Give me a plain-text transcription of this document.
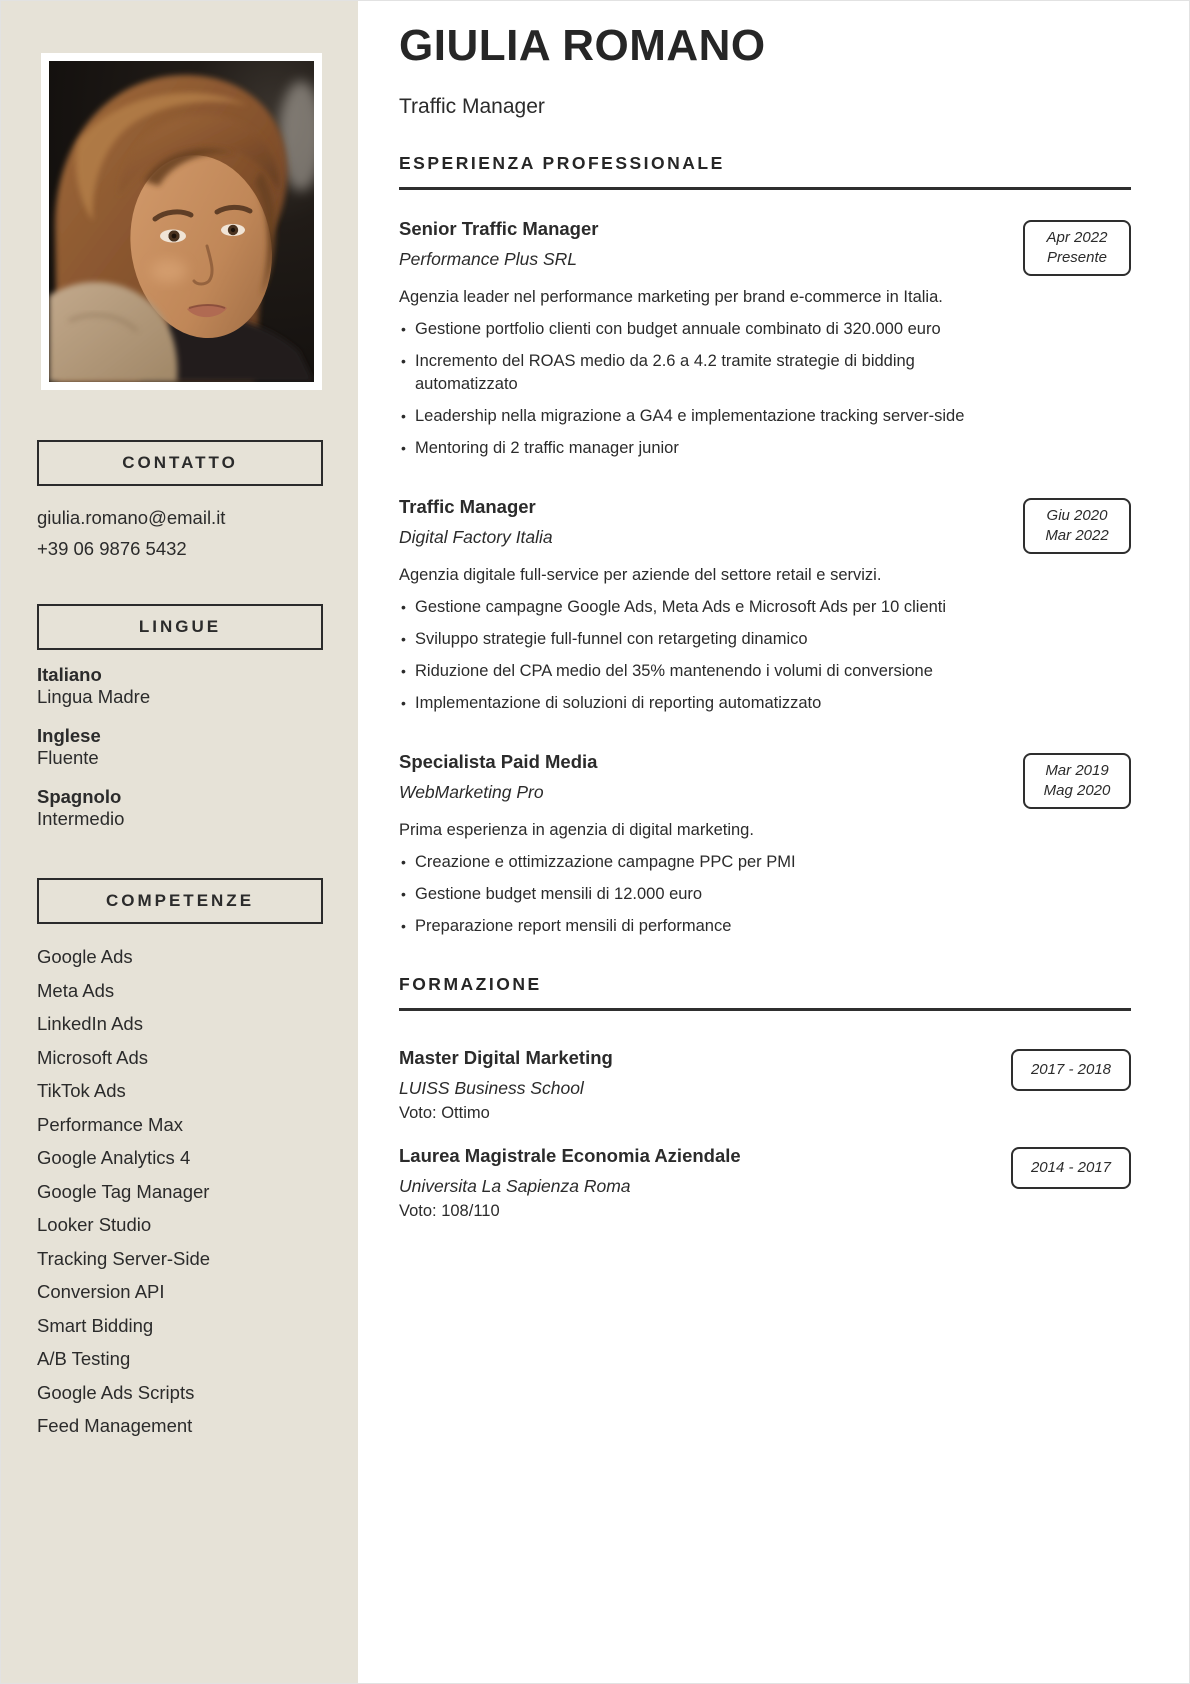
CONTATTO
giulia.romano@email.it
+39 06 9876 5432
LINGUE
Italiano
Lingua Madre
Inglese
Fluente
Spagnolo
Intermedio
COMPETENZE
Google Ads
Meta Ads
LinkedIn Ads
Microsoft Ads
TikTok Ads
Performance Max
Google Analytics 4
Google Tag Manager
Looker Studio
Tracking Server-Side
Conversion API
Smart Bidding
A/B Testing
Google Ads Scripts
Feed Management
GIULIA ROMANO
Traffic Manager
ESPERIENZA PROFESSIONALE
Senior Traffic Manager
Performance Plus SRL
Apr 2022
Presente

Agenzia leader nel performance marketing per brand e-commerce in Italia.

• Gestione portfolio clienti con budget annuale combinato di 320.000 euro
• Incremento del ROAS medio da 2.6 a 4.2 tramite strategie di bidding automatizzato
• Leadership nella migrazione a GA4 e implementazione tracking server-side
• Mentoring di 2 traffic manager junior
Traffic Manager
Digital Factory Italia
Giu 2020
Mar 2022

Agenzia digitale full-service per aziende del settore retail e servizi.

• Gestione campagne Google Ads, Meta Ads e Microsoft Ads per 10 clienti
• Sviluppo strategie full-funnel con retargeting dinamico
• Riduzione del CPA medio del 35% mantenendo i volumi di conversione
• Implementazione di soluzioni di reporting automatizzato
Specialista Paid Media
WebMarketing Pro
Mar 2019
Mag 2020

Prima esperienza in agenzia di digital marketing.

• Creazione e ottimizzazione campagne PPC per PMI
• Gestione budget mensili di 12.000 euro
• Preparazione report mensili di performance
FORMAZIONE
Master Digital Marketing
LUISS Business School
Voto: Ottimo
2017 - 2018
Laurea Magistrale Economia Aziendale
Universita La Sapienza Roma
Voto: 108/110
2014 - 2017
